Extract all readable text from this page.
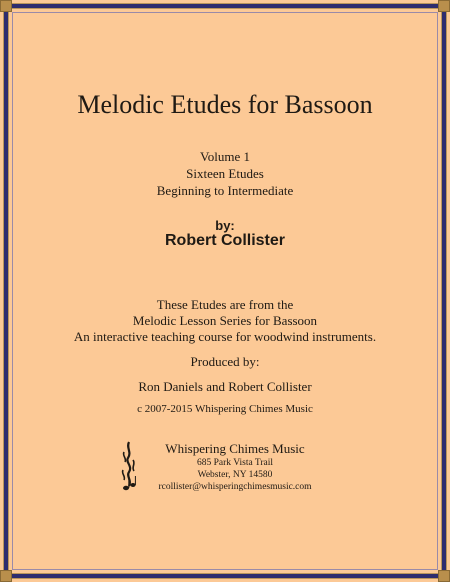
Melodic Etudes for Bassoon
Volume 1
Sixteen Etudes
Beginning to Intermediate
by:
Robert Collister
These Etudes are from the
Melodic Lesson Series for Bassoon
An interactive teaching course for woodwind instruments.
Produced by:
Ron Daniels and Robert Collister
c 2007-2015 Whispering Chimes Music
Whispering Chimes Music
685 Park Vista Trail
Webster, NY 14580
rcollister@whisperingchimesmusic.com
